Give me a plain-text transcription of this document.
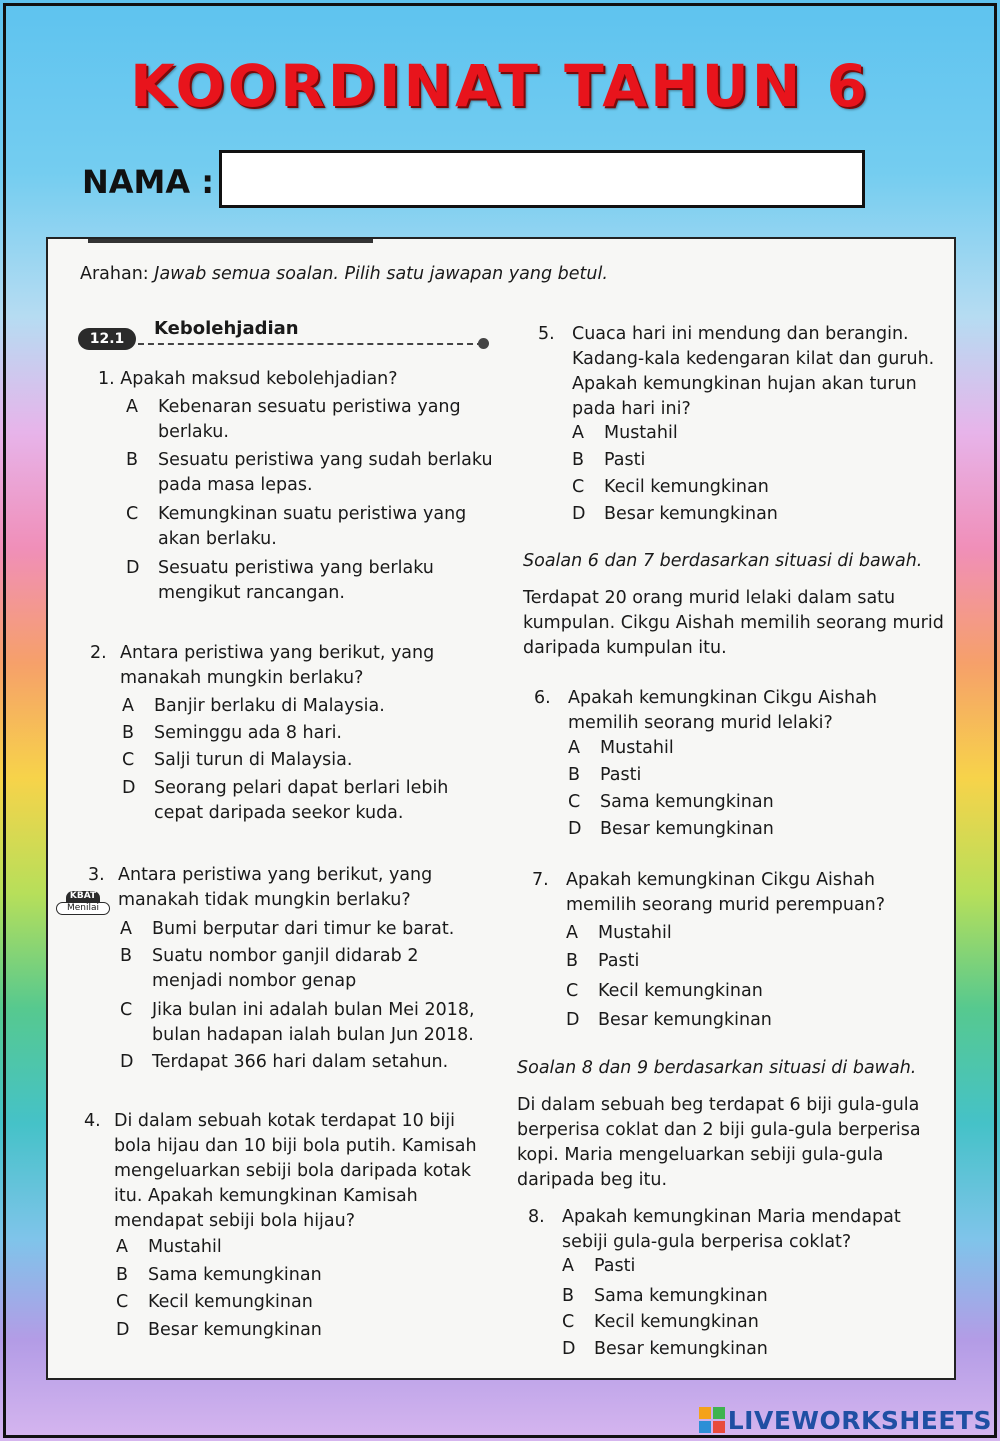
KOORDINAT TAHUN 6
NAMA :
Arahan: Jawab semua soalan. Pilih satu jawapan yang betul.
12.1	Kebolehjadian
1. Apakah maksud kebolehjadian?
A Kebenaran sesuatu peristiwa yang
berlaku.
B Sesuatu peristiwa yang sudah berlaku
pada masa lepas.
C Kemungkinan suatu peristiwa yang
akan berlaku.
D Sesuatu peristiwa yang berlaku
mengikut rancangan.
2. Antara peristiwa yang berikut, yang
manakah mungkin berlaku?
A Banjir berlaku di Malaysia.
B Seminggu ada 8 hari.
C Salji turun di Malaysia.
D Seorang pelari dapat berlari lebih
cepat daripada seekor kuda.
KBAT
Menilai
3. Antara peristiwa yang berikut, yang
manakah tidak mungkin berlaku?
A Bumi berputar dari timur ke barat.
B Suatu nombor ganjil didarab 2
menjadi nombor genap
C Jika bulan ini adalah bulan Mei 2018,
bulan hadapan ialah bulan Jun 2018.
D Terdapat 366 hari dalam setahun.
4. Di dalam sebuah kotak terdapat 10 biji
bola hijau dan 10 biji bola putih. Kamisah
mengeluarkan sebiji bola daripada kotak
itu. Apakah kemungkinan Kamisah
mendapat sebiji bola hijau?
A Mustahil
B Sama kemungkinan
C Kecil kemungkinan
D Besar kemungkinan
5. Cuaca hari ini mendung dan berangin.
Kadang-kala kedengaran kilat dan guruh.
Apakah kemungkinan hujan akan turun
pada hari ini?
A Mustahil
B Pasti
C Kecil kemungkinan
D Besar kemungkinan
Soalan 6 dan 7 berdasarkan situasi di bawah.
Terdapat 20 orang murid lelaki dalam satu
kumpulan. Cikgu Aishah memilih seorang murid
daripada kumpulan itu.
6. Apakah kemungkinan Cikgu Aishah
memilih seorang murid lelaki?
A Mustahil
B Pasti
C Sama kemungkinan
D Besar kemungkinan
7. Apakah kemungkinan Cikgu Aishah
memilih seorang murid perempuan?
A Mustahil
B Pasti
C Kecil kemungkinan
D Besar kemungkinan
Soalan 8 dan 9 berdasarkan situasi di bawah.
Di dalam sebuah beg terdapat 6 biji gula-gula
berperisa coklat dan 2 biji gula-gula berperisa
kopi. Maria mengeluarkan sebiji gula-gula
daripada beg itu.
8. Apakah kemungkinan Maria mendapat
sebiji gula-gula berperisa coklat?
A Pasti
B Sama kemungkinan
C Kecil kemungkinan
D Besar kemungkinan
LIVEWORKSHEETS
